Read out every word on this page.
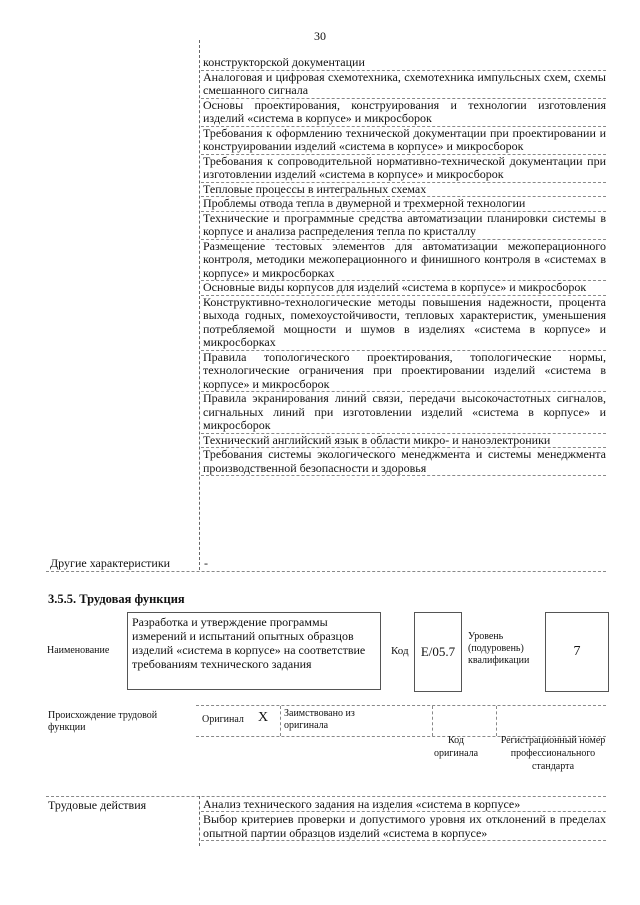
30
конструкторской документации
Аналоговая и цифровая схемотехника, схемотехника импульсных схем, схемы смешанного сигнала
Основы проектирования, конструирования и технологии изготовления изделий «система в корпусе» и микросборок
Требования к оформлению технической документации при проектировании и конструировании изделий «система в корпусе» и микросборок
Требования к сопроводительной нормативно-технической документации при изготовлении изделий «система в корпусе» и микросборок
Тепловые процессы в интегральных схемах
Проблемы отвода тепла в двумерной и трехмерной технологии
Технические и программные средства автоматизации планировки системы в корпусе и анализа распределения тепла по кристаллу
Размещение тестовых элементов для автоматизации межоперационного контроля, методики межоперационного и финишного контроля в «системах в корпусе» и микросборках
Основные виды корпусов для изделий «система в корпусе» и микросборок
Конструктивно-технологические методы повышения надежности, процента выхода годных, помехоустойчивости, тепловых характеристик, уменьшения потребляемой мощности и шумов в изделиях «система в корпусе» и микросборках
Правила топологического проектирования, топологические нормы, технологические ограничения при проектировании изделий «система в корпусе» и микросборок
Правила экранирования линий связи, передачи высокочастотных сигналов, сигнальных линий при изготовлении изделий «система в корпусе» и микросборок
Технический английский язык в области микро- и наноэлектроники
Требования системы экологического менеджмента и системы менеджмента производственной безопасности и здоровья
Другие характеристики	-
3.5.5. Трудовая функция
Наименование
Разработка и утверждение программы измерений и испытаний опытных образцов изделий «система в корпусе» на соответствие требованиям технического задания
Код E/05.7
Уровень (подуровень) квалификации
7
Происхождение трудовой функции
Оригинал X Заимствовано из оригинала
Код оригинала
Регистрационный номер профессионального стандарта
Трудовые действия	Анализ технического задания на изделия «система в корпусе»
Выбор критериев проверки и допустимого уровня их отклонений в пределах опытной партии образцов изделий «система в корпусе»
